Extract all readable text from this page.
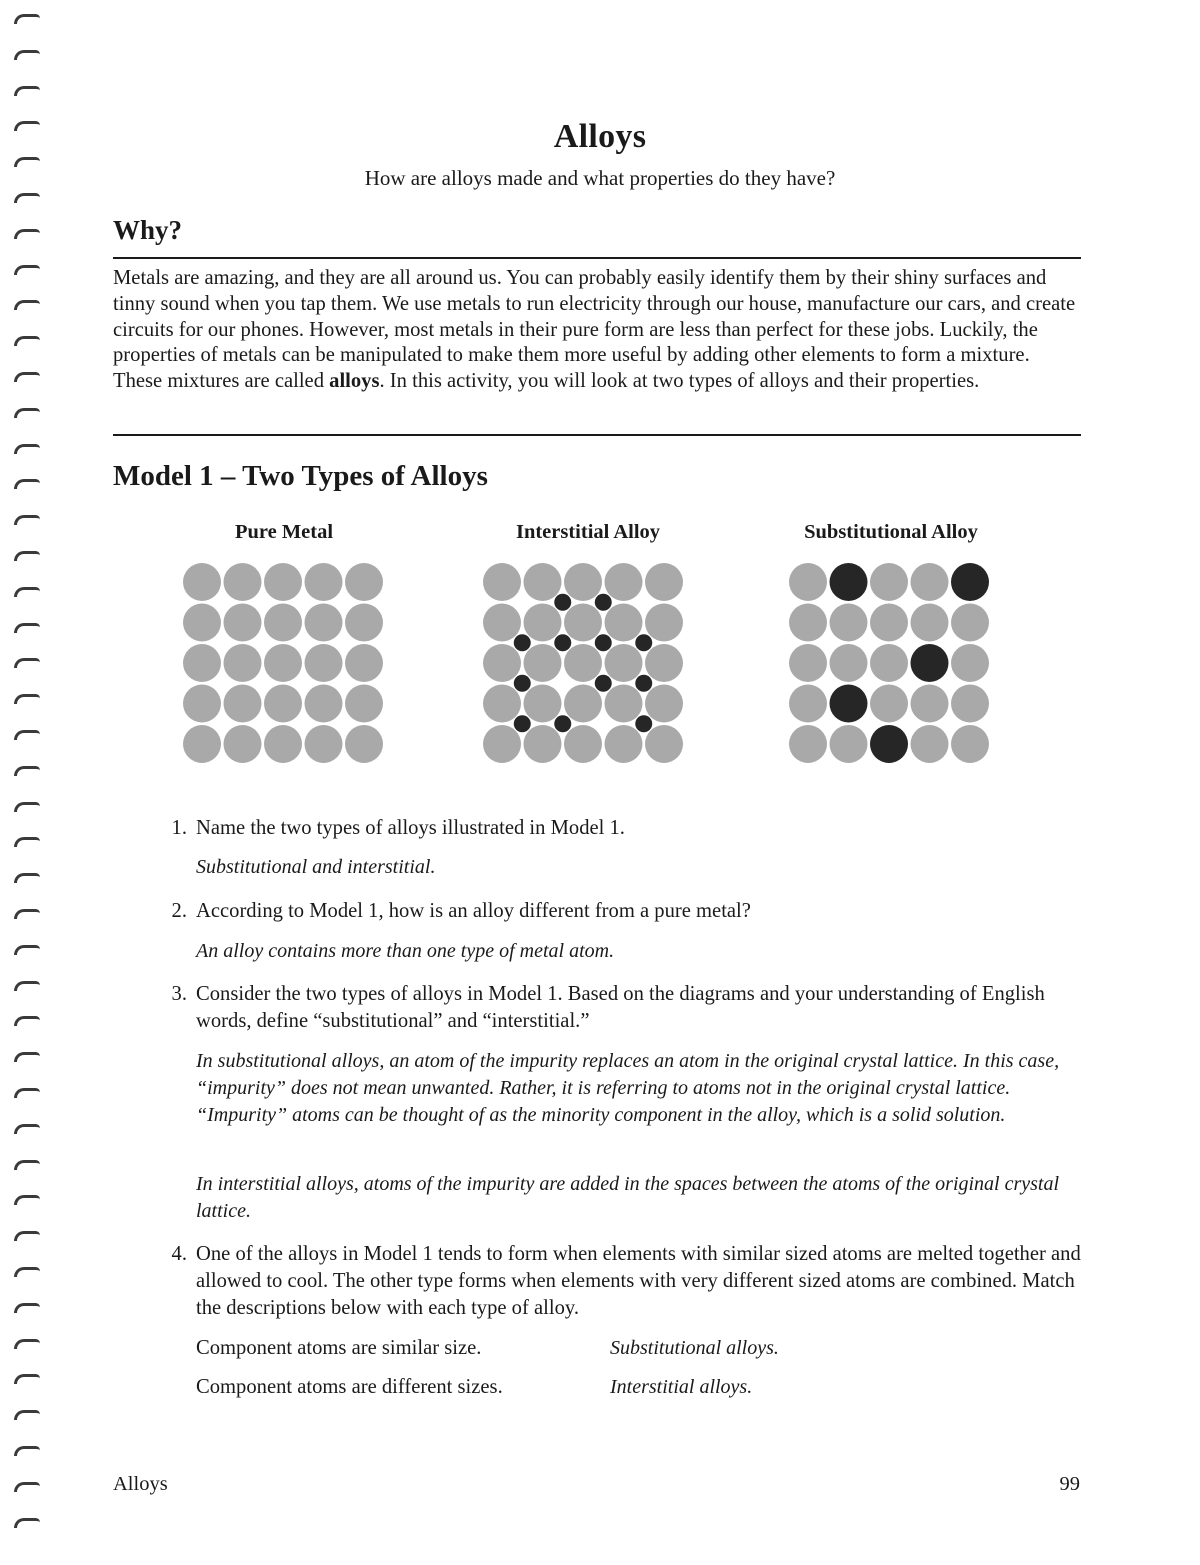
Alloys
How are alloys made and what properties do they have?
Why?
Metals are amazing, and they are all around us. You can probably easily identify them by their shiny surfaces and tinny sound when you tap them. We use metals to run electricity through our house, manufacture our cars, and create circuits for our phones. However, most metals in their pure form are less than perfect for these jobs. Luckily, the properties of metals can be manipulated to make them more useful by adding other elements to form a mixture. These mixtures are called alloys. In this activity, you will look at two types of alloys and their properties.
Model 1 – Two Types of Alloys
Pure Metal	Interstitial Alloy	Substitutional Alloy
1. Name the two types of alloys illustrated in Model 1.
Substitutional and interstitial.
2. According to Model 1, how is an alloy different from a pure metal?
An alloy contains more than one type of metal atom.
3. Consider the two types of alloys in Model 1. Based on the diagrams and your understanding of English words, define “substitutional” and “interstitial.”
In substitutional alloys, an atom of the impurity replaces an atom in the original crystal lattice. In this case, “impurity” does not mean unwanted. Rather, it is referring to atoms not in the original crystal lattice. “Impurity” atoms can be thought of as the minority component in the alloy, which is a solid solution.
In interstitial alloys, atoms of the impurity are added in the spaces between the atoms of the original crystal lattice.
4. One of the alloys in Model 1 tends to form when elements with similar sized atoms are melted together and allowed to cool. The other type forms when elements with very different sized atoms are combined. Match the descriptions below with each type of alloy.
Component atoms are similar size.	Substitutional alloys.
Component atoms are different sizes.	Interstitial alloys.
Alloys	99
